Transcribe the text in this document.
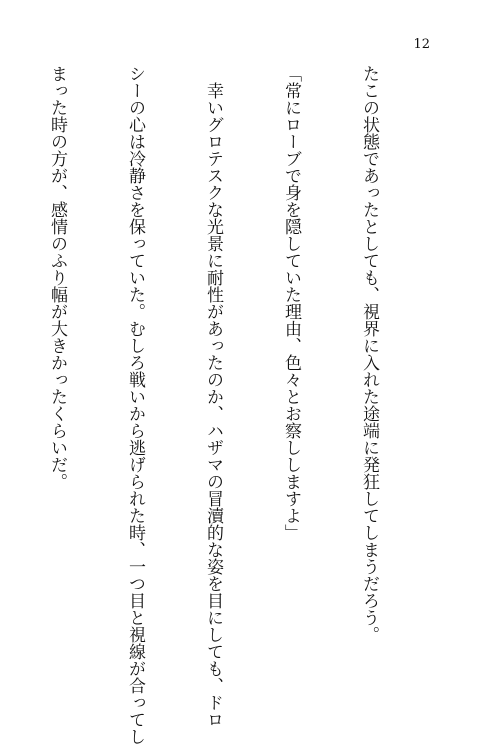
12

たこの状態であったとしても、視界に入れた途端に発狂してしまうだろう。

「常にローブで身を隠していた理由、色々とお察ししますよ」

　幸いグロテスクな光景に耐性があったのか、ハザマの冒瀆的な姿を目にしても、ドロ

シーの心は冷静さを保っていた。むしろ戦いから逃げられた時、一つ目と視線が合ってし

まった時の方が、感情のふり幅が大きかったくらいだ。
